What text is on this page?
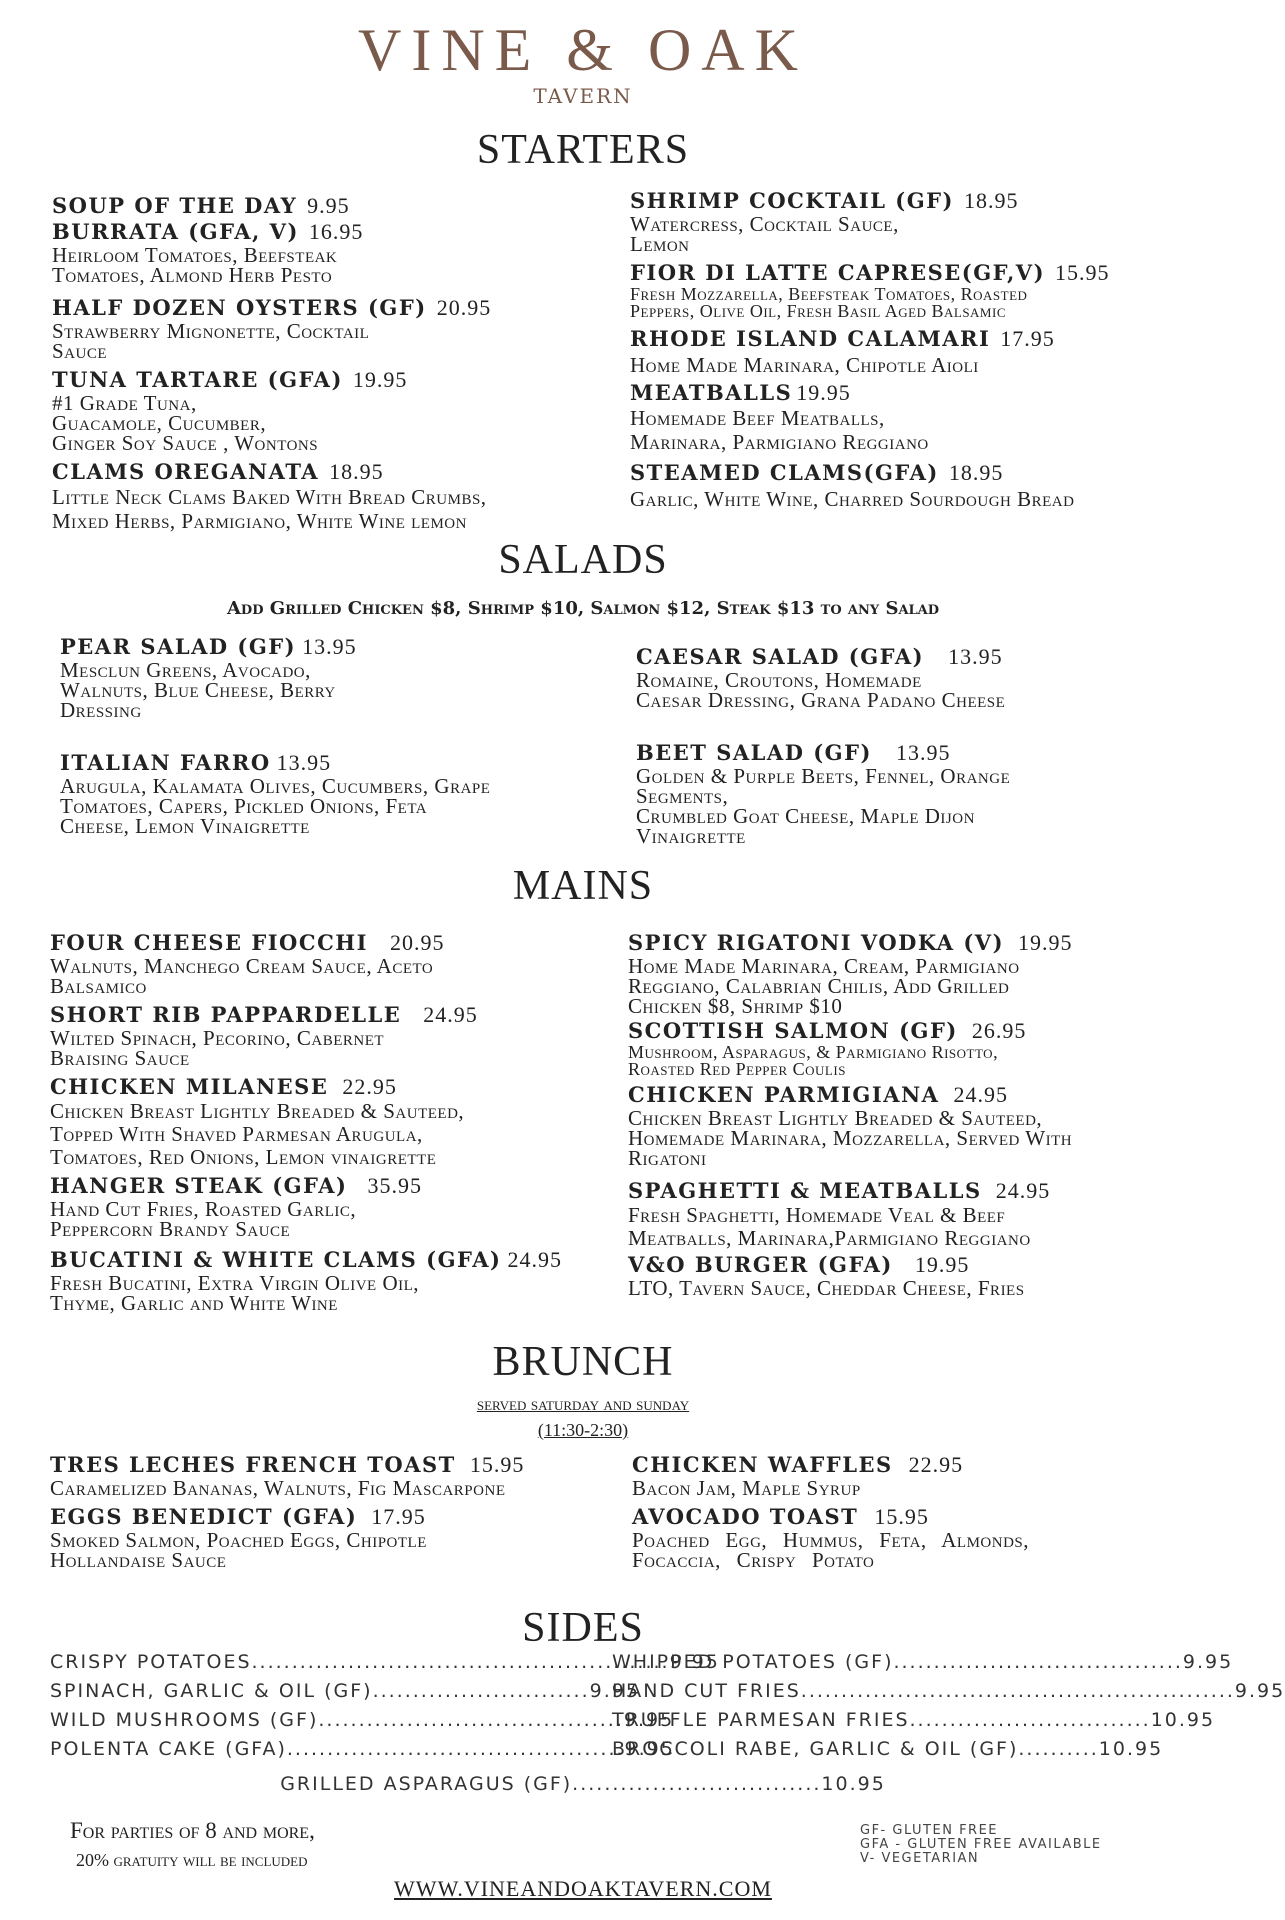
VINE & OAK
TAVERN
STARTERS
SOUP OF THE DAY 9.95
BURRATA (GFA, V) 16.95
Heirloom Tomatoes, Beefsteak
Tomatoes, Almond Herb Pesto
HALF DOZEN OYSTERS (GF) 20.95
Strawberry Mignonette, Cocktail
Sauce
TUNA TARTARE (GFA) 19.95
#1 Grade Tuna,
Guacamole, Cucumber,
Ginger Soy Sauce , Wontons
CLAMS OREGANATA 18.95
Little Neck Clams Baked With Bread Crumbs,
Mixed Herbs, Parmigiano, White Wine lemon
SHRIMP COCKTAIL (GF) 18.95
Watercress, Cocktail Sauce,
Lemon
FIOR DI LATTE CAPRESE(GF,V) 15.95
Fresh Mozzarella, Beefsteak Tomatoes, Roasted
Peppers, Olive Oil, Fresh Basil Aged Balsamic
RHODE ISLAND CALAMARI 17.95
Home Made Marinara, Chipotle Aioli
MEATBALLS 19.95
Homemade Beef Meatballs,
Marinara, Parmigiano Reggiano
STEAMED CLAMS(GFA) 18.95
Garlic, White Wine, Charred Sourdough Bread
SALADS
Add Grilled Chicken $8, Shrimp $10, Salmon $12, Steak $13 to any Salad
PEAR SALAD (GF) 13.95
Mesclun Greens, Avocado,
Walnuts, Blue Cheese, Berry
Dressing
ITALIAN FARRO 13.95
Arugula, Kalamata Olives, Cucumbers, Grape
Tomatoes, Capers, Pickled Onions, Feta
Cheese, Lemon Vinaigrette
CAESAR SALAD (GFA) 13.95
Romaine, Croutons, Homemade
Caesar Dressing, Grana Padano Cheese
BEET SALAD (GF) 13.95
Golden & Purple Beets, Fennel, Orange
Segments,
Crumbled Goat Cheese, Maple Dijon
Vinaigrette
MAINS
FOUR CHEESE FIOCCHI 20.95
Walnuts, Manchego Cream Sauce, Aceto
Balsamico
SHORT RIB PAPPARDELLE 24.95
Wilted Spinach, Pecorino, Cabernet
Braising Sauce
CHICKEN MILANESE 22.95
Chicken Breast Lightly Breaded & Sauteed,
Topped With Shaved Parmesan Arugula,
Tomatoes, Red Onions, Lemon vinaigrette
HANGER STEAK (GFA) 35.95
Hand Cut Fries, Roasted Garlic,
Peppercorn Brandy Sauce
BUCATINI & WHITE CLAMS (GFA) 24.95
Fresh Bucatini, Extra Virgin Olive Oil,
Thyme, Garlic and White Wine
SPICY RIGATONI VODKA (V) 19.95
Home Made Marinara, Cream, Parmigiano
Reggiano, Calabrian Chilis, Add Grilled
Chicken $8, Shrimp $10
SCOTTISH SALMON (GF) 26.95
Mushroom, Asparagus, & Parmigiano Risotto,
Roasted Red Pepper Coulis
CHICKEN PARMIGIANA 24.95
Chicken Breast Lightly Breaded & Sauteed,
Homemade Marinara, Mozzarella, Served With
Rigatoni
SPAGHETTI & MEATBALLS 24.95
Fresh Spaghetti, Homemade Veal & Beef
Meatballs, Marinara,Parmigiano Reggiano
V&O BURGER (GFA) 19.95
LTO, Tavern Sauce, Cheddar Cheese, Fries
BRUNCH
served saturday and sunday
(11:30-2:30)
TRES LECHES FRENCH TOAST 15.95
Caramelized Bananas, Walnuts, Fig Mascarpone
EGGS BENEDICT (GFA) 17.95
Smoked Salmon, Poached Eggs, Chipotle
Hollandaise Sauce
CHICKEN WAFFLES 22.95
Bacon Jam, Maple Syrup
AVOCADO TOAST 15.95
Poached Egg, Hummus, Feta, Almonds,
Focaccia, Crispy Potato
SIDES
CRISPY POTATOES....................................................9.95
SPINACH, GARLIC & OIL (GF)...........................9.95
WILD MUSHROOMS (GF)......................................9.95
POLENTA CAKE (GFA)..........................................9.95
WHIPPED POTATOES (GF)....................................9.95
HAND CUT FRIES......................................................9.95
TRUFFLE PARMESAN FRIES..............................10.95
BROCCOLI RABE, GARLIC & OIL (GF)..........10.95
GRILLED ASPARAGUS (GF)...............................10.95
For parties of 8 and more,
20% gratuity will be included
GF- GLUTEN FREE
GFA - GLUTEN FREE AVAILABLE
V- VEGETARIAN
WWW.VINEANDOAKTAVERN.COM
